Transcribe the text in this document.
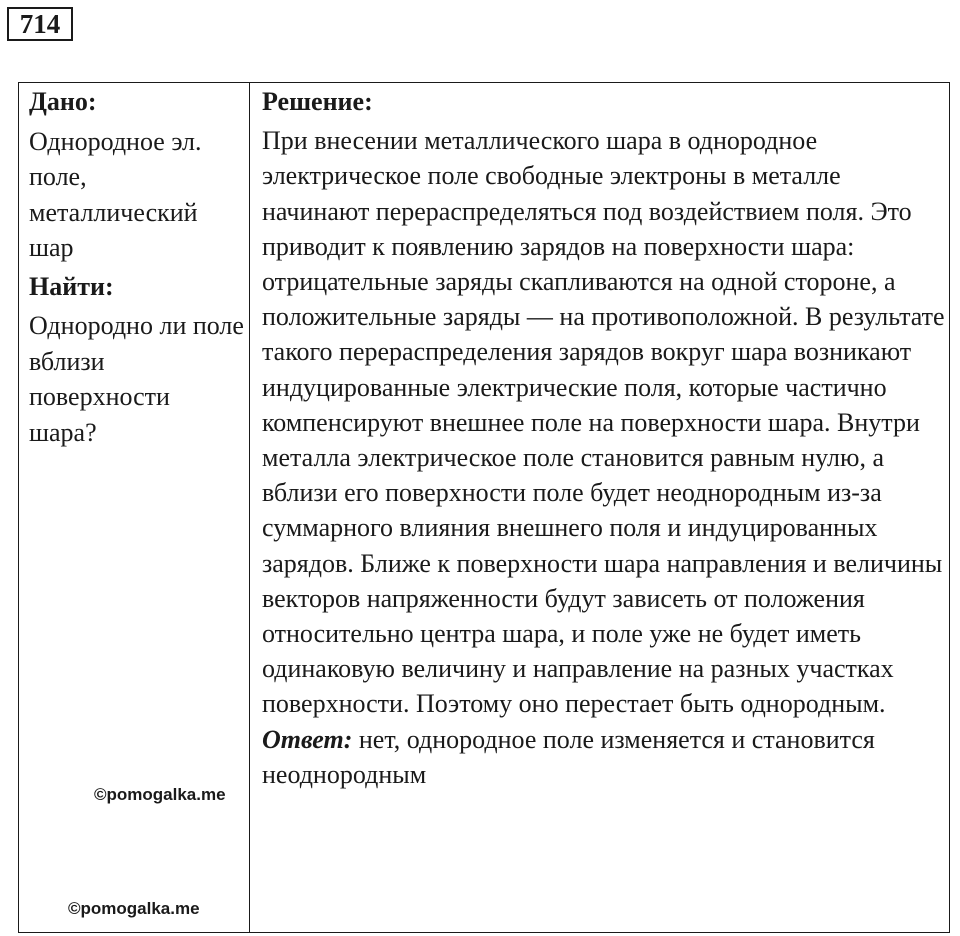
714

Дано:

Однородное эл. поле, металлический шар

Найти:

Однородно ли поле вблизи поверхности шара?

Решение:

При внесении металлического шара в однородное электрическое поле свободные электроны в металле начинают перераспределяться под воздействием поля. Это приводит к появлению зарядов на поверхности шара: отрицательные заряды скапливаются на одной стороне, а положительные заряды — на противоположной. В результате такого перераспределения зарядов вокруг шара возникают индуцированные электрические поля, которые частично компенсируют внешнее поле на поверхности шара. Внутри металла электрическое поле становится равным нулю, а вблизи его поверхности поле будет неоднородным из-за суммарного влияния внешнего поля и индуцированных зарядов. Ближе к поверхности шара направления и величины векторов напряженности будут зависеть от положения относительно центра шара, и поле уже не будет иметь одинаковую величину и направление на разных участках поверхности. Поэтому оно перестает быть однородным.

Ответ: нет, однородное поле изменяется и становится неоднородным

©pomogalka.me
©pomogalka.me
